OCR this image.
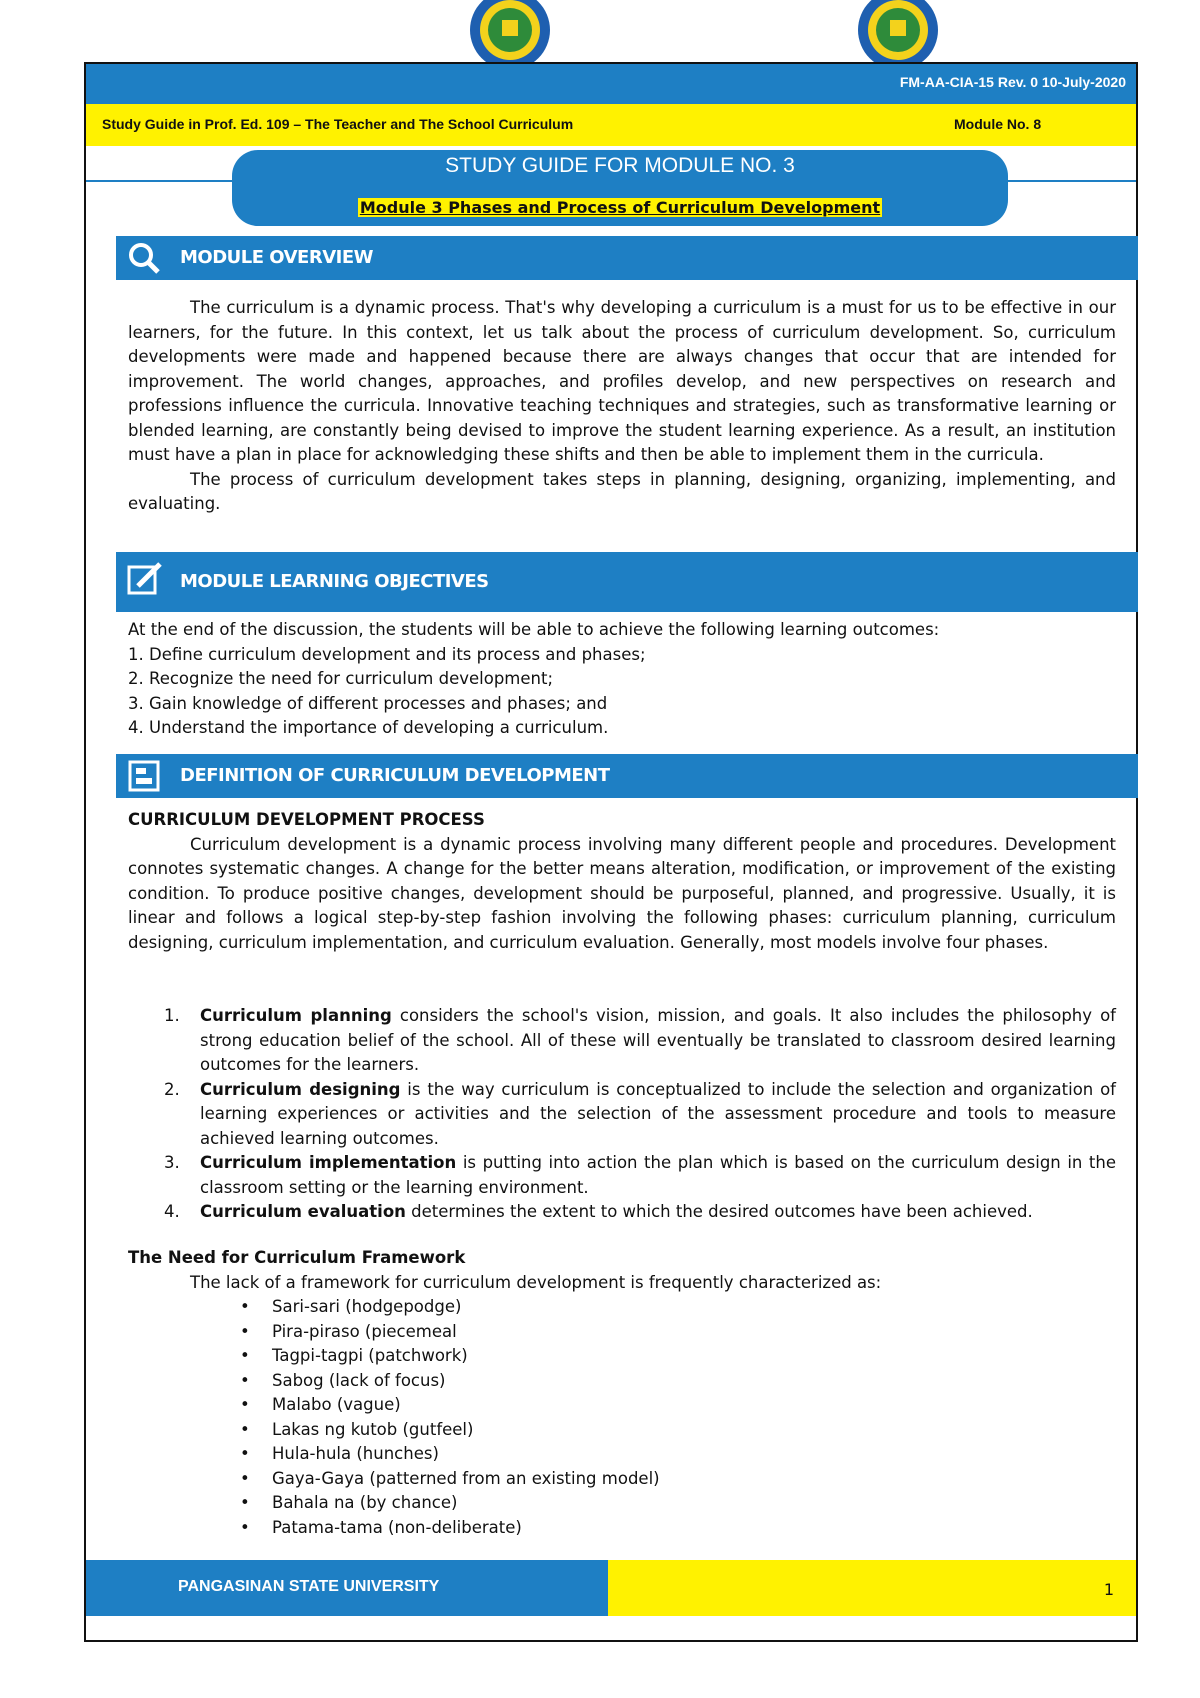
FM-AA-CIA-15 Rev. 0 10-July-2020
Study Guide in Prof. Ed. 109 – The Teacher and The School Curriculum	Module No. 8
STUDY GUIDE FOR MODULE NO. 3
Module 3 Phases and Process of Curriculum Development
MODULE OVERVIEW

The curriculum is a dynamic process. That's why developing a curriculum is a must for us to be effective in our learners, for the future. In this context, let us talk about the process of curriculum development. So, curriculum developments were made and happened because there are always changes that occur that are intended for improvement. The world changes, approaches, and profiles develop, and new perspectives on research and professions influence the curricula. Innovative teaching techniques and strategies, such as transformative learning or blended learning, are constantly being devised to improve the student learning experience. As a result, an institution must have a plan in place for acknowledging these shifts and then be able to implement them in the curricula.

The process of curriculum development takes steps in planning, designing, organizing, implementing, and evaluating.

MODULE LEARNING OBJECTIVES

At the end of the discussion, the students will be able to achieve the following learning outcomes:

1. Define curriculum development and its process and phases;

2. Recognize the need for curriculum development;

3. Gain knowledge of different processes and phases; and

4. Understand the importance of developing a curriculum.

DEFINITION OF CURRICULUM DEVELOPMENT

CURRICULUM DEVELOPMENT PROCESS

Curriculum development is a dynamic process involving many different people and procedures. Development connotes systematic changes. A change for the better means alteration, modification, or improvement of the existing condition. To produce positive changes, development should be purposeful, planned, and progressive. Usually, it is linear and follows a logical step-by-step fashion involving the following phases: curriculum planning, curriculum designing, curriculum implementation, and curriculum evaluation. Generally, most models involve four phases.

1. Curriculum planning considers the school's vision, mission, and goals. It also includes the philosophy of strong education belief of the school. All of these will eventually be translated to classroom desired learning outcomes for the learners.

2. Curriculum designing is the way curriculum is conceptualized to include the selection and organization of learning experiences or activities and the selection of the assessment procedure and tools to measure achieved learning outcomes.

3. Curriculum implementation is putting into action the plan which is based on the curriculum design in the classroom setting or the learning environment.

4. Curriculum evaluation determines the extent to which the desired outcomes have been achieved.

The Need for Curriculum Framework

The lack of a framework for curriculum development is frequently characterized as:

• Sari-sari (hodgepodge)
• Pira-piraso (piecemeal
• Tagpi-tagpi (patchwork)
• Sabog (lack of focus)
• Malabo (vague)
• Lakas ng kutob (gutfeel)
• Hula-hula (hunches)
• Gaya-Gaya (patterned from an existing model)
• Bahala na (by chance)
• Patama-tama (non-deliberate)
PANGASINAN STATE UNIVERSITY	1
